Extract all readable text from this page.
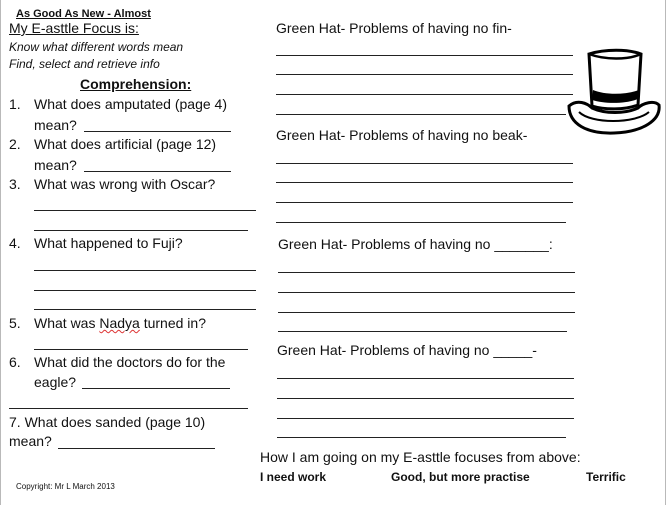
As Good As New - Almost
My E-asttle Focus is:
Know what different words mean
Find, select and retrieve info
Comprehension:
1. What does amputated (page 4)
mean?
2. What does artificial (page 12)
mean?
3. What was wrong with Oscar?
4. What happened to Fuji?
5. What was Nadya turned in?
6. What did the doctors do for the
eagle?
7. What does sanded (page 10)
mean?
Copyright: Mr L March 2013
Green Hat- Problems of having no fin-
Green Hat- Problems of having no beak-
Green Hat- Problems of having no _______:
Green Hat- Problems of having no _____-
How I am going on my E-asttle focuses from above:
I need work	Good, but more practise	Terrific
